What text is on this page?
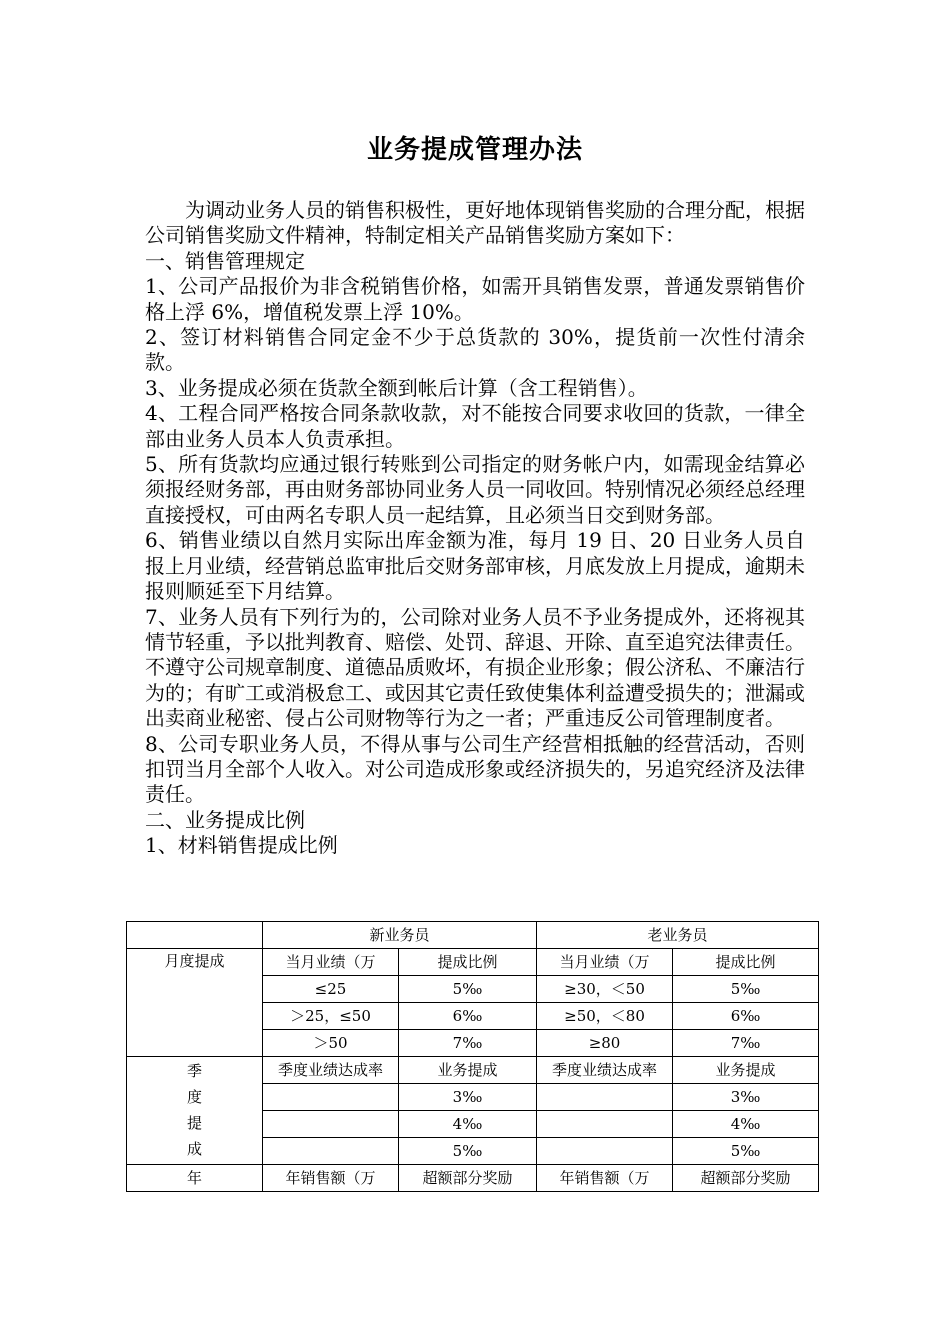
业务提成管理办法

为调动业务人员的销售积极性，更好地体现销售奖励的合理分配，根据公司销售奖励文件精神，特制定相关产品销售奖励方案如下：

一、销售管理规定

1、公司产品报价为非含税销售价格，如需开具销售发票，普通发票销售价格上浮 6%，增值税发票上浮 10%。

2、签订材料销售合同定金不少于总货款的 30%，提货前一次性付清余款。

3、业务提成必须在货款全额到帐后计算（含工程销售）。

4、工程合同严格按合同条款收款，对不能按合同要求收回的货款，一律全部由业务人员本人负责承担。

5、所有货款均应通过银行转账到公司指定的财务帐户内，如需现金结算必须报经财务部，再由财务部协同业务人员一同收回。特别情况必须经总经理直接授权，可由两名专职人员一起结算，且必须当日交到财务部。

6、销售业绩以自然月实际出库金额为准，每月 19 日、20 日业务人员自报上月业绩，经营销总监审批后交财务部审核，月底发放上月提成，逾期未报则顺延至下月结算。

7、业务人员有下列行为的，公司除对业务人员不予业务提成外，还将视其情节轻重，予以批判教育、赔偿、处罚、辞退、开除、直至追究法律责任。不遵守公司规章制度、道德品质败坏，有损企业形象；假公济私、不廉洁行为的；有旷工或消极怠工、或因其它责任致使集体利益遭受损失的；泄漏或出卖商业秘密、侵占公司财物等行为之一者；严重违反公司管理制度者。

8、公司专职业务人员，不得从事与公司生产经营相抵触的经营活动，否则扣罚当月全部个人收入。对公司造成形象或经济损失的，另追究经济及法律责任。

二、业务提成比例

1、材料销售提成比例

	新业务员		老业务员	
月度提成	当月业绩（万	提成比例	当月业绩（万	提成比例
	≤25	5‰	≥30，＜50	5‰
	＞25，≤50	6‰	≥50，＜80	6‰
	＞50	7‰	≥80	7‰

季
度
提
成	季度业绩达成率	业务提成	季度业绩达成率	业务提成
		3‰		3‰
		4‰		4‰
		5‰		5‰
年	年销售额（万	超额部分奖励	年销售额（万	超额部分奖励
